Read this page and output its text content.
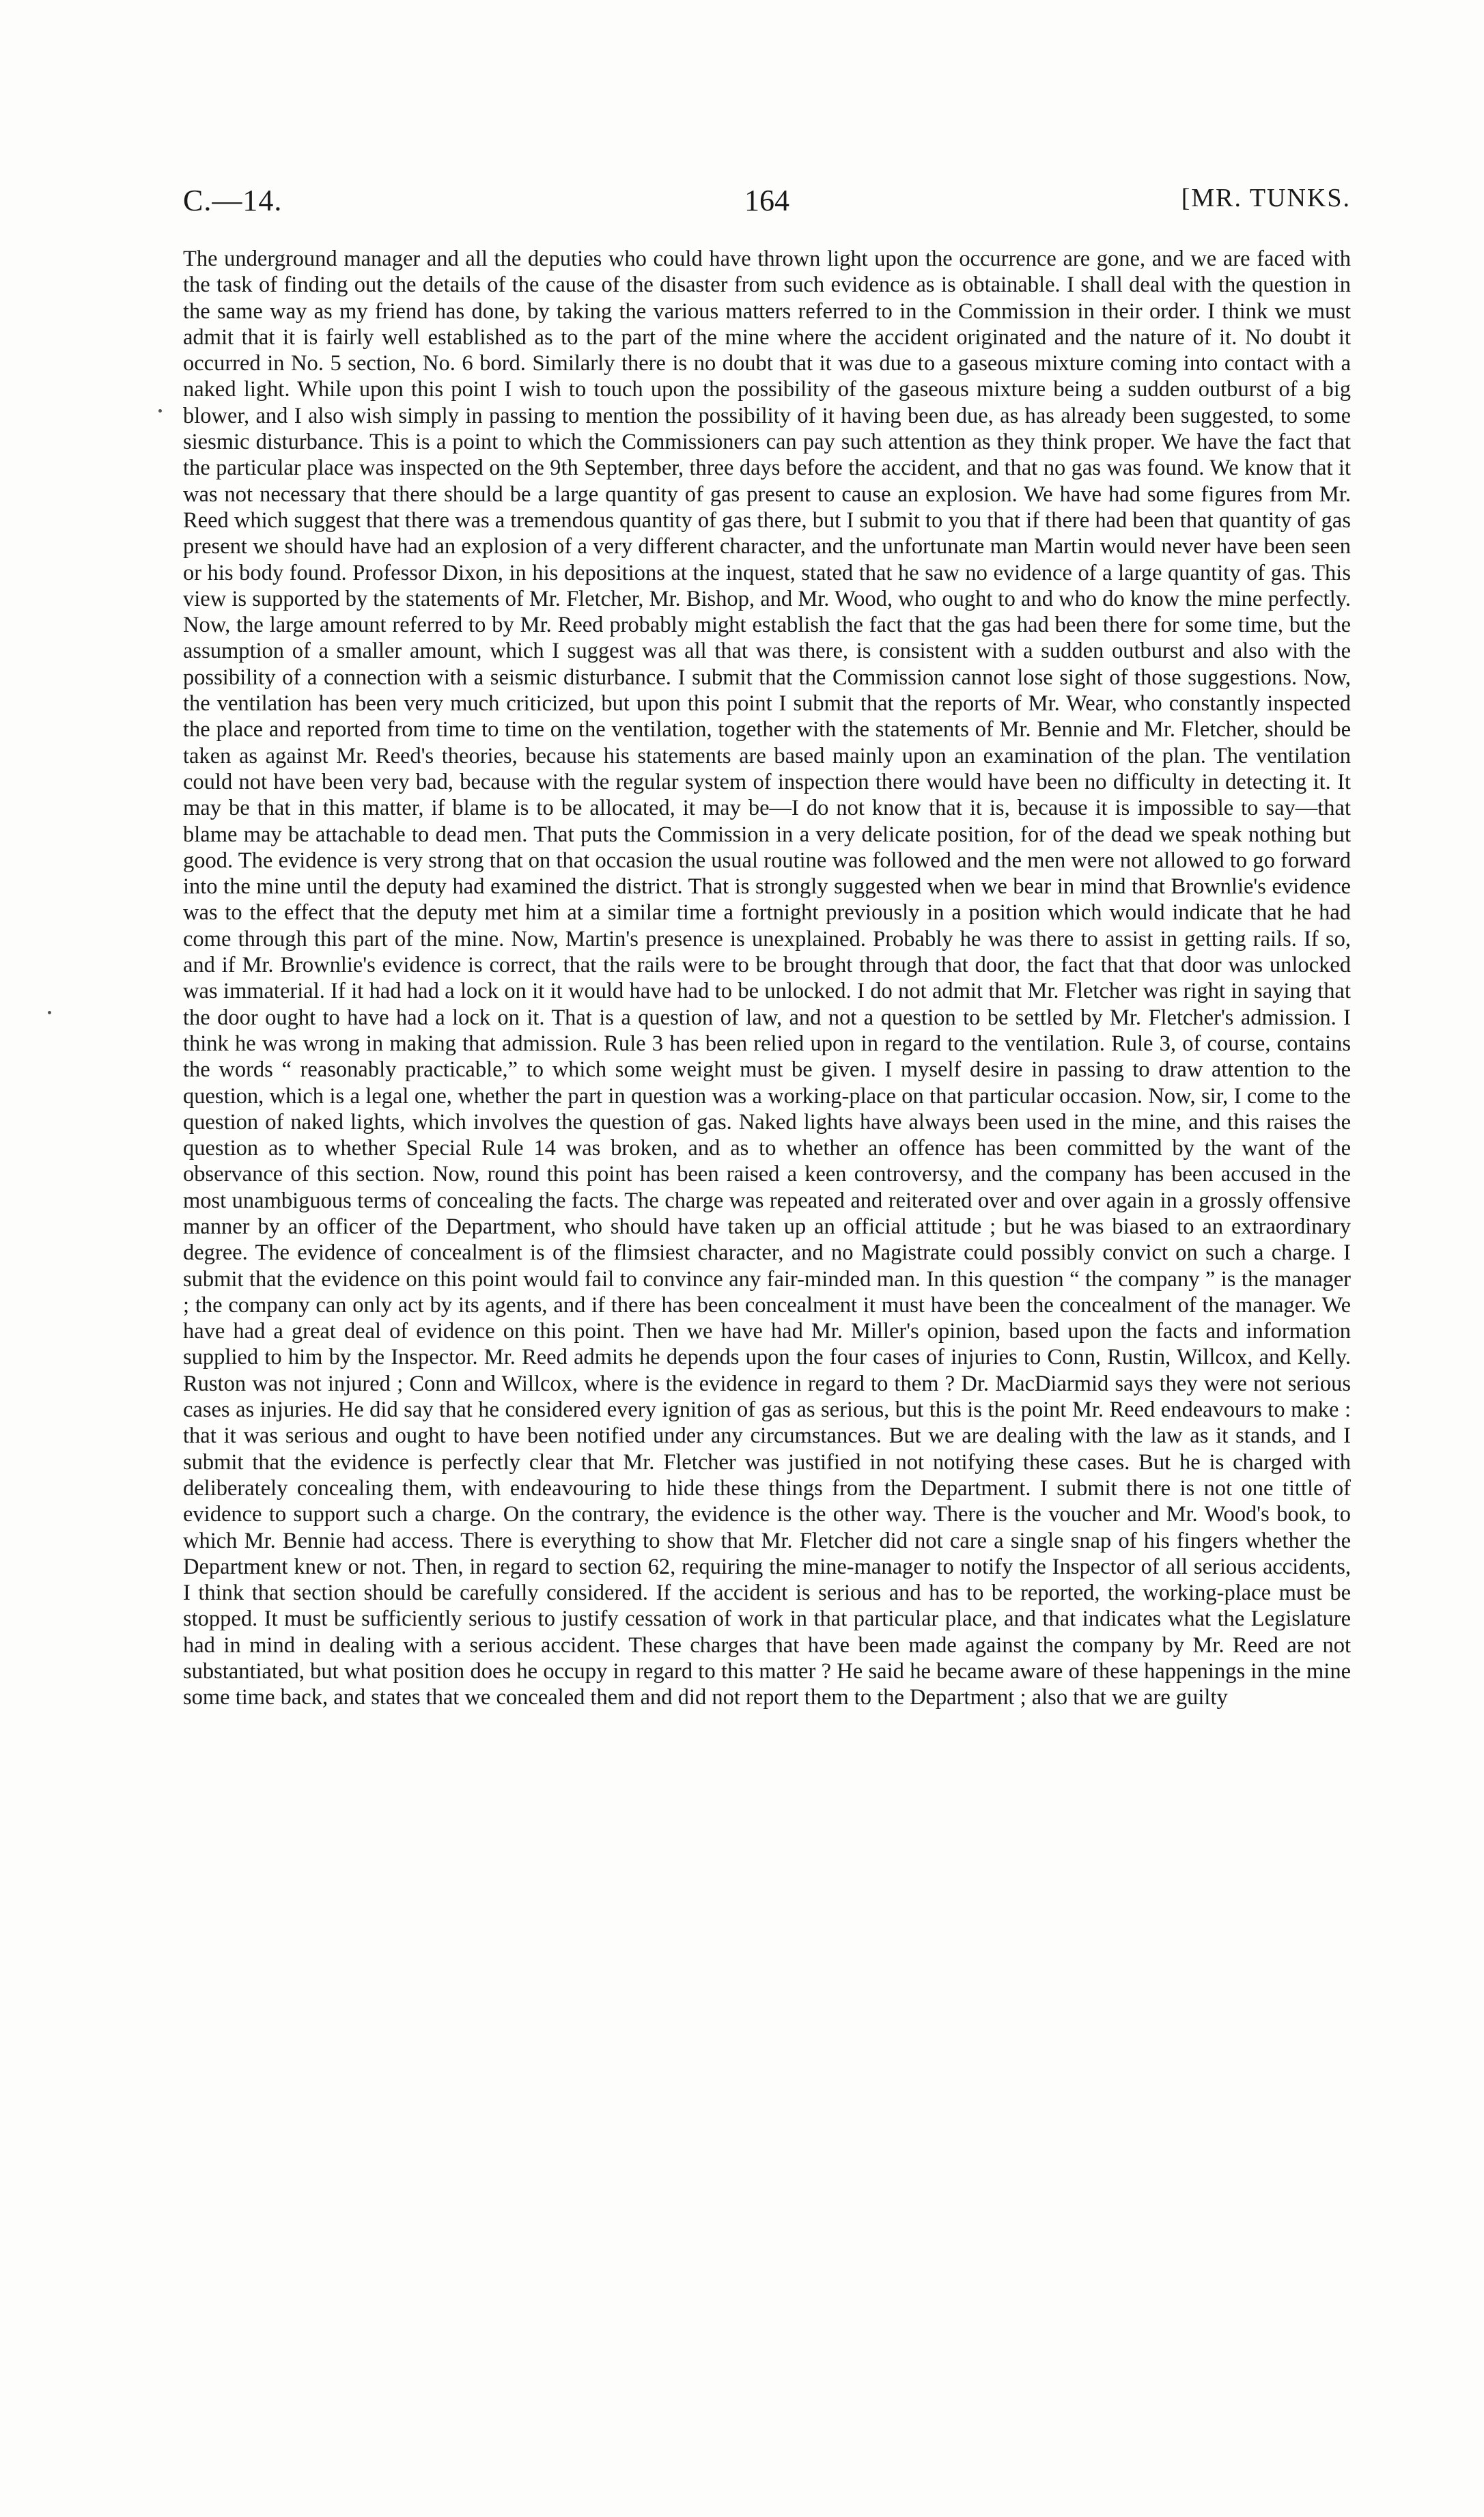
C.—14.	164	[MR. TUNKS.
The underground manager and all the deputies who could have thrown light upon the occurrence are gone, and we are faced with the task of finding out the details of the cause of the disaster from such evidence as is obtainable. I shall deal with the question in the same way as my friend has done, by taking the various matters referred to in the Commission in their order. I think we must admit that it is fairly well established as to the part of the mine where the accident originated and the nature of it. No doubt it occurred in No. 5 section, No. 6 bord. Similarly there is no doubt that it was due to a gaseous mixture coming into contact with a naked light. While upon this point I wish to touch upon the possibility of the gaseous mixture being a sudden outburst of a big blower, and I also wish simply in passing to mention the possibility of it having been due, as has already been suggested, to some siesmic disturbance. This is a point to which the Commissioners can pay such attention as they think proper. We have the fact that the particular place was inspected on the 9th September, three days before the accident, and that no gas was found. We know that it was not necessary that there should be a large quantity of gas present to cause an explosion. We have had some figures from Mr. Reed which suggest that there was a tremendous quantity of gas there, but I submit to you that if there had been that quantity of gas present we should have had an explosion of a very different character, and the unfortunate man Martin would never have been seen or his body found. Professor Dixon, in his depositions at the inquest, stated that he saw no evidence of a large quantity of gas. This view is supported by the statements of Mr. Fletcher, Mr. Bishop, and Mr. Wood, who ought to and who do know the mine perfectly. Now, the large amount referred to by Mr. Reed probably might establish the fact that the gas had been there for some time, but the assumption of a smaller amount, which I suggest was all that was there, is consistent with a sudden outburst and also with the possibility of a connection with a seismic disturbance. I submit that the Commission cannot lose sight of those suggestions. Now, the ventilation has been very much criticized, but upon this point I submit that the reports of Mr. Wear, who constantly inspected the place and reported from time to time on the ventilation, together with the statements of Mr. Bennie and Mr. Fletcher, should be taken as against Mr. Reed's theories, because his statements are based mainly upon an examination of the plan. The ventilation could not have been very bad, because with the regular system of inspection there would have been no difficulty in detecting it. It may be that in this matter, if blame is to be allocated, it may be—I do not know that it is, because it is impossible to say—that blame may be attachable to dead men. That puts the Commission in a very delicate position, for of the dead we speak nothing but good. The evidence is very strong that on that occasion the usual routine was followed and the men were not allowed to go forward into the mine until the deputy had examined the district. That is strongly suggested when we bear in mind that Brownlie's evidence was to the effect that the deputy met him at a similar time a fortnight previously in a position which would indicate that he had come through this part of the mine. Now, Martin's presence is unexplained. Probably he was there to assist in getting rails. If so, and if Mr. Brownlie's evidence is correct, that the rails were to be brought through that door, the fact that that door was unlocked was immaterial. If it had had a lock on it it would have had to be unlocked. I do not admit that Mr. Fletcher was right in saying that the door ought to have had a lock on it. That is a question of law, and not a question to be settled by Mr. Fletcher's admission. I think he was wrong in making that admission. Rule 3 has been relied upon in regard to the ventilation. Rule 3, of course, contains the words “ reasonably practicable,” to which some weight must be given. I myself desire in passing to draw attention to the question, which is a legal one, whether the part in question was a working-place on that particular occasion. Now, sir, I come to the question of naked lights, which involves the question of gas. Naked lights have always been used in the mine, and this raises the question as to whether Special Rule 14 was broken, and as to whether an offence has been committed by the want of the observance of this section. Now, round this point has been raised a keen controversy, and the company has been accused in the most unambiguous terms of concealing the facts. The charge was repeated and reiterated over and over again in a grossly offensive manner by an officer of the Department, who should have taken up an official attitude ; but he was biased to an extraordinary degree. The evidence of concealment is of the flimsiest character, and no Magistrate could possibly convict on such a charge. I submit that the evidence on this point would fail to convince any fair-minded man. In this question “ the company ” is the manager ; the company can only act by its agents, and if there has been concealment it must have been the concealment of the manager. We have had a great deal of evidence on this point. Then we have had Mr. Miller's opinion, based upon the facts and information supplied to him by the Inspector. Mr. Reed admits he depends upon the four cases of injuries to Conn, Rustin, Willcox, and Kelly. Ruston was not injured ; Conn and Willcox, where is the evidence in regard to them ? Dr. MacDiarmid says they were not serious cases as injuries. He did say that he considered every ignition of gas as serious, but this is the point Mr. Reed endeavours to make : that it was serious and ought to have been notified under any circumstances. But we are dealing with the law as it stands, and I submit that the evidence is perfectly clear that Mr. Fletcher was justified in not notifying these cases. But he is charged with deliberately concealing them, with endeavouring to hide these things from the Department. I submit there is not one tittle of evidence to support such a charge. On the contrary, the evidence is the other way. There is the voucher and Mr. Wood's book, to which Mr. Bennie had access. There is everything to show that Mr. Fletcher did not care a single snap of his fingers whether the Department knew or not. Then, in regard to section 62, requiring the mine-manager to notify the Inspector of all serious accidents, I think that section should be carefully considered. If the accident is serious and has to be reported, the working-place must be stopped. It must be sufficiently serious to justify cessation of work in that particular place, and that indicates what the Legislature had in mind in dealing with a serious accident. These charges that have been made against the company by Mr. Reed are not substantiated, but what position does he occupy in regard to this matter ? He said he became aware of these happenings in the mine some time back, and states that we concealed them and did not report them to the Department ; also that we are guilty
